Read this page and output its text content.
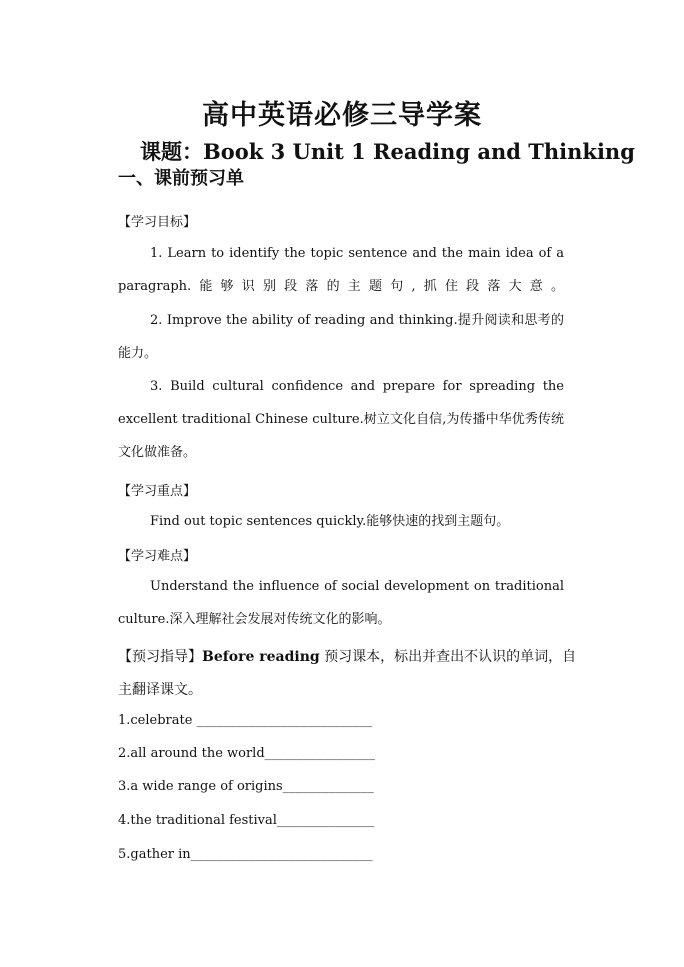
高中英语必修三导学案
课题：Book 3 Unit 1 Reading and Thinking
一、课前预习单
【学习目标】
1. Learn to identify the topic sentence and the main idea of a paragraph.能够识别段落的主题句,抓住段落大意。
2. Improve the ability of reading and thinking.提升阅读和思考的能力。
3. Build cultural confidence and prepare for spreading the excellent traditional Chinese culture.树立文化自信,为传播中华优秀传统文化做准备。
【学习重点】
Find out topic sentences quickly.能够快速的找到主题句。
【学习难点】
Understand the influence of social development on traditional culture.深入理解社会发展对传统文化的影响。
【预习指导】Before reading 预习课本，标出并查出不认识的单词，自
主翻译课文。
1.celebrate ___________________________
2.all around the world_________________
3.a wide range of origins______________
4.the traditional festival_______________
5.gather in____________________________
